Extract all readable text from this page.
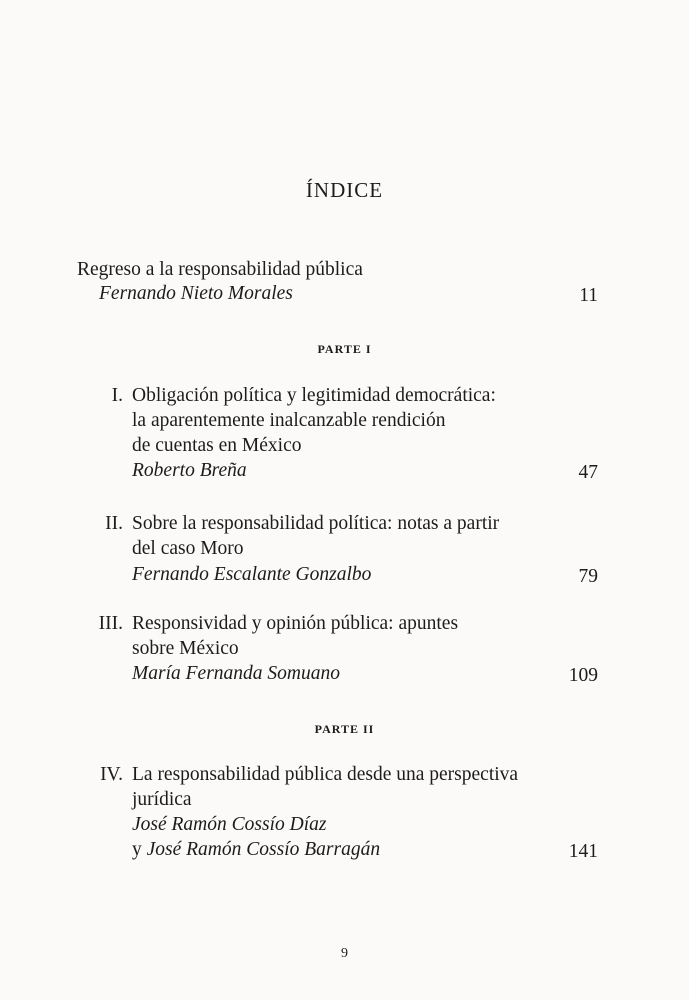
ÍNDICE
Regreso a la responsabilidad pública
Fernando Nieto Morales	11
PARTE I
I. Obligación política y legitimidad democrática:
la aparentemente inalcanzable rendición
de cuentas en México
Roberto Breña	47
II. Sobre la responsabilidad política: notas a partir
del caso Moro
Fernando Escalante Gonzalbo	79
III. Responsividad y opinión pública: apuntes
sobre México
María Fernanda Somuano	109
PARTE II
IV. La responsabilidad pública desde una perspectiva
jurídica
José Ramón Cossío Díaz
y José Ramón Cossío Barragán	141
9
